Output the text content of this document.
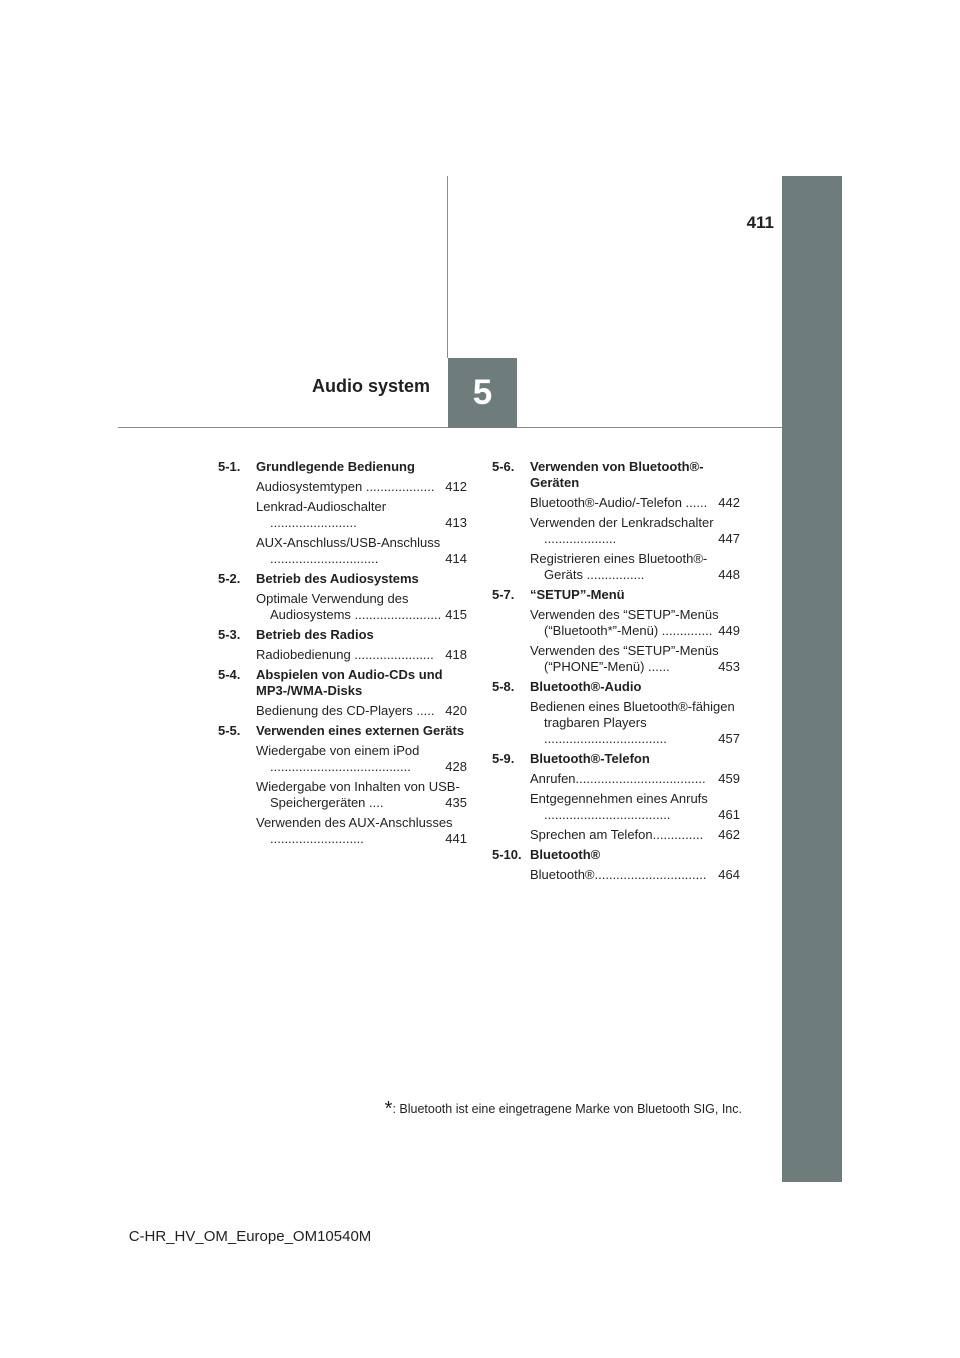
411
Audio system 5
5-1. Grundlegende Bedienung
Audiosystemtypen ................... 412
Lenkrad-Audioschalter ........................	413
AUX-Anschluss/USB-Anschluss ..............................	414
5-2. Betrieb des Audiosystems
Optimale Verwendung des Audiosystems ........................ 415
5-3. Betrieb des Radios
Radiobedienung ...................... 418
5-4. Abspielen von Audio-CDs und MP3-/WMA-Disks
Bedienung des CD-Players ..... 420
5-5. Verwenden eines externen Geräts
Wiedergabe von einem iPod .......................................	428
Wiedergabe von Inhalten von USB-Speichergeräten ....	435
Verwenden des AUX-Anschlusses ..........................	441
5-6. Verwenden von Bluetooth®-Geräten
Bluetooth®-Audio/-Telefon ...... 442
Verwenden der Lenkradschalter ....................	447
Registrieren eines Bluetooth®-Geräts ................	448
5-7. “SETUP”-Menü
Verwenden des “SETUP”-Menüs (“Bluetooth*”-Menü) .............. 449
Verwenden des “SETUP”-Menüs (“PHONE”-Menü) ......	453
5-8. Bluetooth®-Audio
Bedienen eines Bluetooth®-fähigen tragbaren Players ..................................	457
5-9. Bluetooth®-Telefon
Anrufen.................................... 459
Entgegennehmen eines Anrufs ...................................	461
Sprechen am Telefon.............. 462
5-10. Bluetooth®
Bluetooth®............................... 464
*: Bluetooth ist eine eingetragene Marke von Bluetooth SIG, Inc.
C-HR_HV_OM_Europe_OM10540M
